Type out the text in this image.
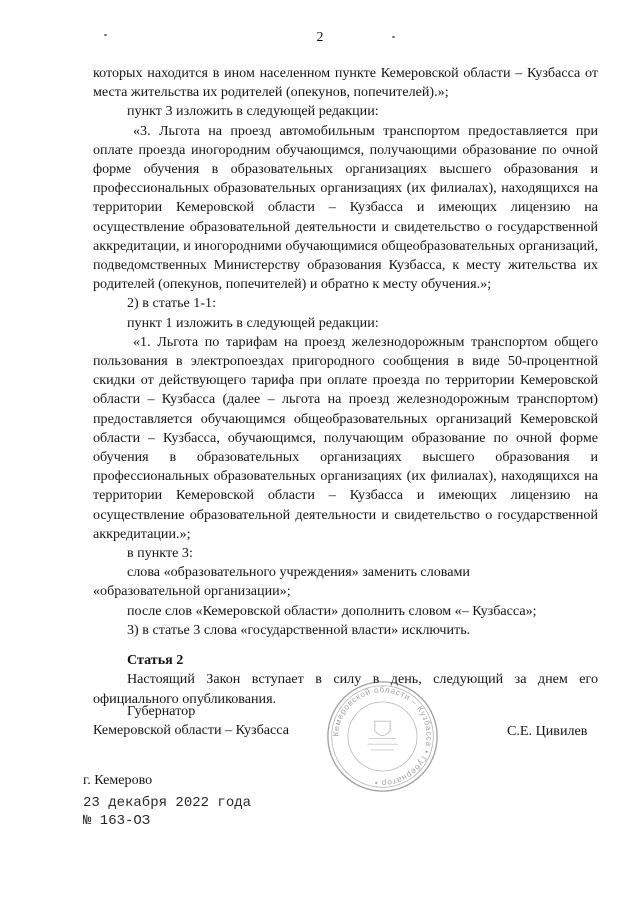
2

которых находится в ином населенном пункте Кемеровской области – Кузбасса от места жительства их родителей (опекунов, попечителей).»;

пункт 3 изложить в следующей редакции:

«3. Льгота на проезд автомобильным транспортом предоставляется при оплате проезда иногородним обучающимся, получающими образование по очной форме обучения в образовательных организациях высшего образования и профессиональных образовательных организациях (их филиалах), находящихся на территории Кемеровской области – Кузбасса и имеющих лицензию на осуществление образовательной деятельности и свидетельство о государственной аккредитации, и иногородними обучающимися общеобразовательных организаций, подведомственных Министерству образования Кузбасса, к месту жительства их родителей (опекунов, попечителей) и обратно к месту обучения.»;

2) в статье 1-1:

пункт 1 изложить в следующей редакции:

«1. Льгота по тарифам на проезд железнодорожным транспортом общего пользования в электропоездах пригородного сообщения в виде 50-процентной скидки от действующего тарифа при оплате проезда по территории Кемеровской области – Кузбасса (далее – льгота на проезд железнодорожным транспортом) предоставляется обучающимся общеобразовательных организаций Кемеровской области – Кузбасса, обучающимся, получающим образование по очной форме обучения в образовательных организациях высшего образования и профессиональных образовательных организациях (их филиалах), находящихся на территории Кемеровской области – Кузбасса и имеющих лицензию на осуществление образовательной деятельности и свидетельство о государственной аккредитации.»;

в пункте 3:

слова «образовательного учреждения» заменить словами

«образовательной организации»;

после слов «Кемеровской области» дополнить словом «– Кузбасса»;

3) в статье 3 слова «государственной власти» исключить.

Статья 2

Настоящий Закон вступает в силу в день, следующий за днем его официального опубликования.

Губернатор
Кемеровской области – Кузбасса	Кемеровской области – Кузбасса • Губернатор •
С.Е. Цивилев
г. Кемерово
23 декабря 2022 года
№ 163-ОЗ
